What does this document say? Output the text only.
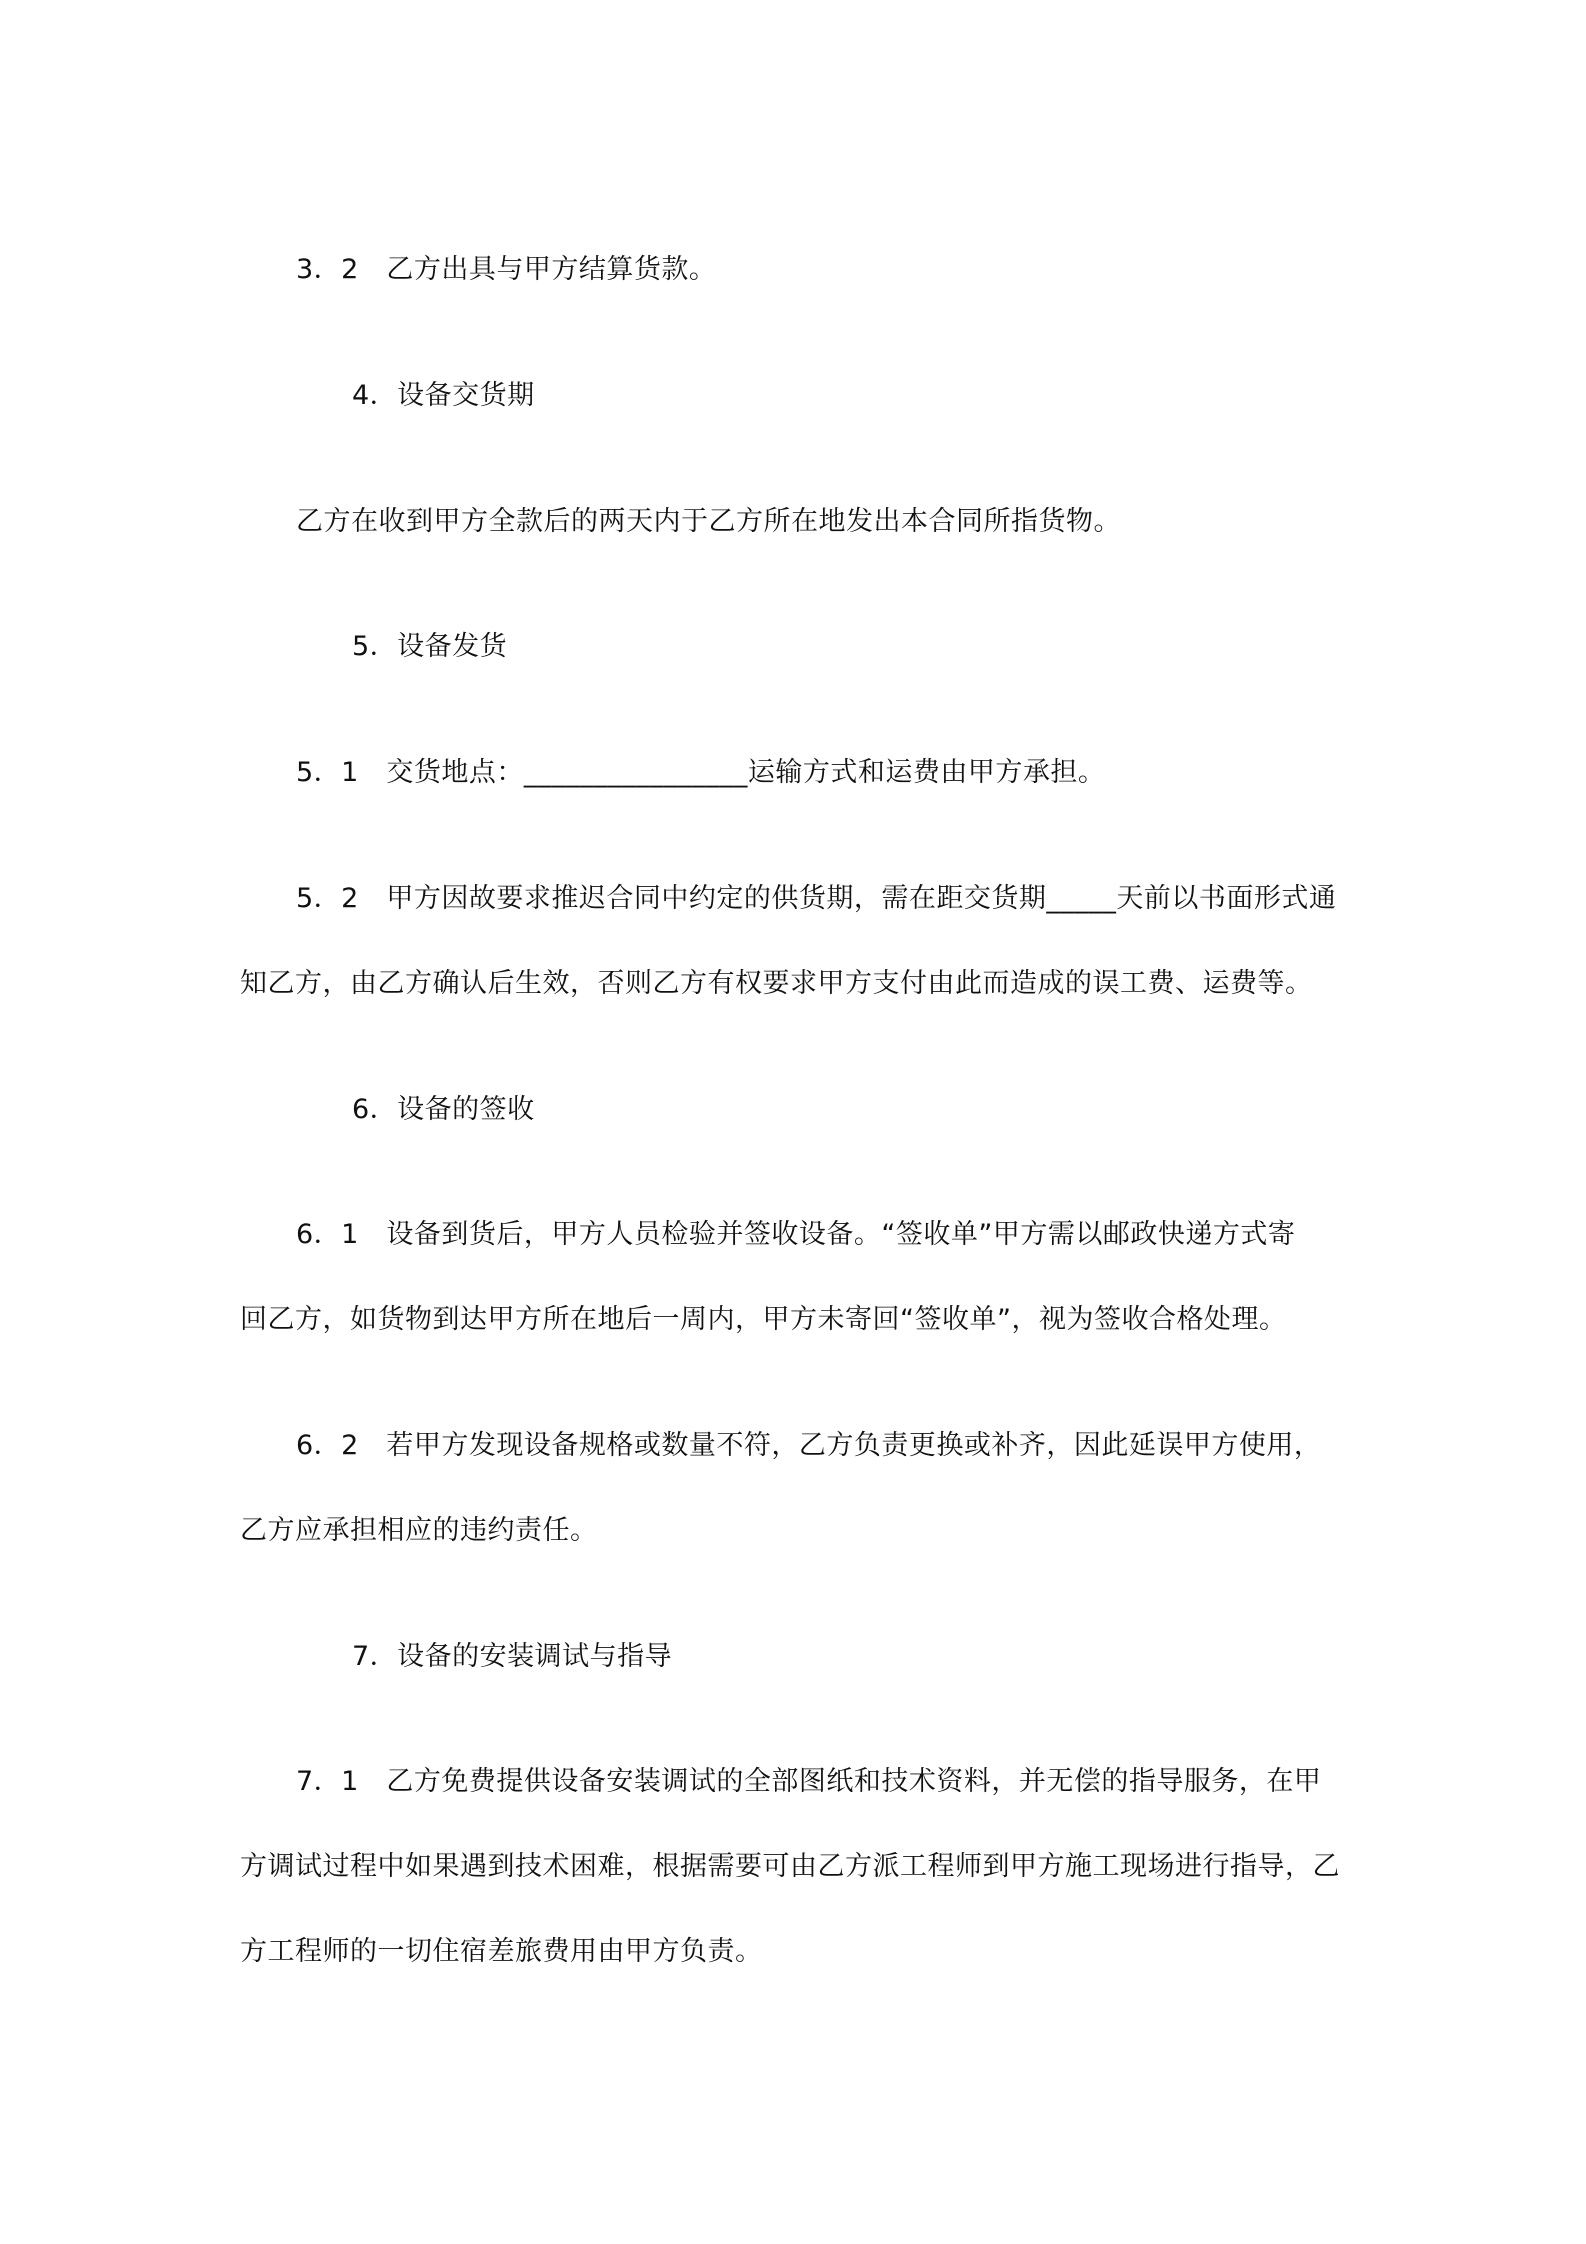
3．2　乙方出具与甲方结算货款。
4．设备交货期
乙方在收到甲方全款后的两天内于乙方所在地发出本合同所指货物。
5．设备发货
5．1　交货地点：________________运输方式和运费由甲方承担。
5．2　甲方因故要求推迟合同中约定的供货期，需在距交货期_____天前以书面形式通
知乙方，由乙方确认后生效，否则乙方有权要求甲方支付由此而造成的误工费、运费等。
6．设备的签收
6．1　设备到货后，甲方人员检验并签收设备。“签收单”甲方需以邮政快递方式寄
回乙方，如货物到达甲方所在地后一周内，甲方未寄回“签收单”，视为签收合格处理。
6．2　若甲方发现设备规格或数量不符，乙方负责更换或补齐，因此延误甲方使用，
乙方应承担相应的违约责任。
7．设备的安装调试与指导
7．1　乙方免费提供设备安装调试的全部图纸和技术资料，并无偿的指导服务，在甲
方调试过程中如果遇到技术困难，根据需要可由乙方派工程师到甲方施工现场进行指导，乙
方工程师的一切住宿差旅费用由甲方负责。
